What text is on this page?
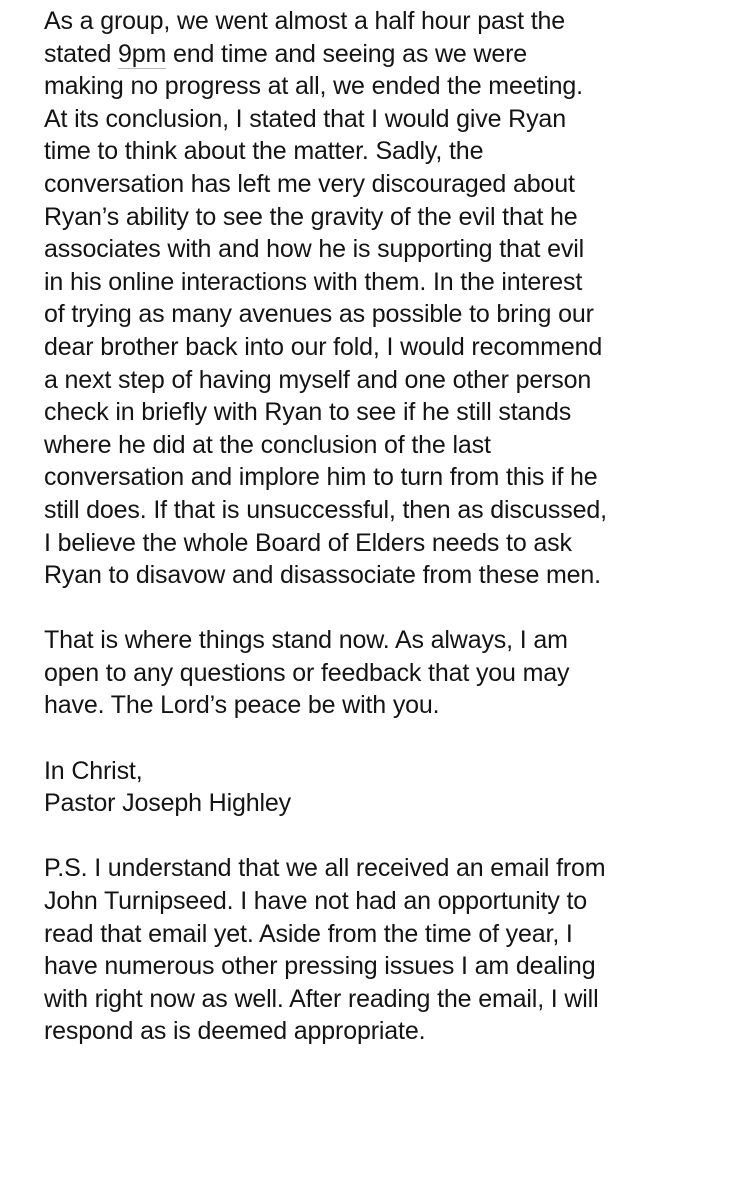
As a group, we went almost a half hour past the
stated 9pm end time and seeing as we were
making no progress at all, we ended the meeting.
At its conclusion, I stated that I would give Ryan
time to think about the matter. Sadly, the
conversation has left me very discouraged about
Ryan’s ability to see the gravity of the evil that he
associates with and how he is supporting that evil
in his online interactions with them. In the interest
of trying as many avenues as possible to bring our
dear brother back into our fold, I would recommend
a next step of having myself and one other person
check in briefly with Ryan to see if he still stands
where he did at the conclusion of the last
conversation and implore him to turn from this if he
still does. If that is unsuccessful, then as discussed,
I believe the whole Board of Elders needs to ask
Ryan to disavow and disassociate from these men.
That is where things stand now. As always, I am
open to any questions or feedback that you may
have. The Lord’s peace be with you.
In Christ,
Pastor Joseph Highley
P.S. I understand that we all received an email from
John Turnipseed. I have not had an opportunity to
read that email yet. Aside from the time of year, I
have numerous other pressing issues I am dealing
with right now as well. After reading the email, I will
respond as is deemed appropriate.
